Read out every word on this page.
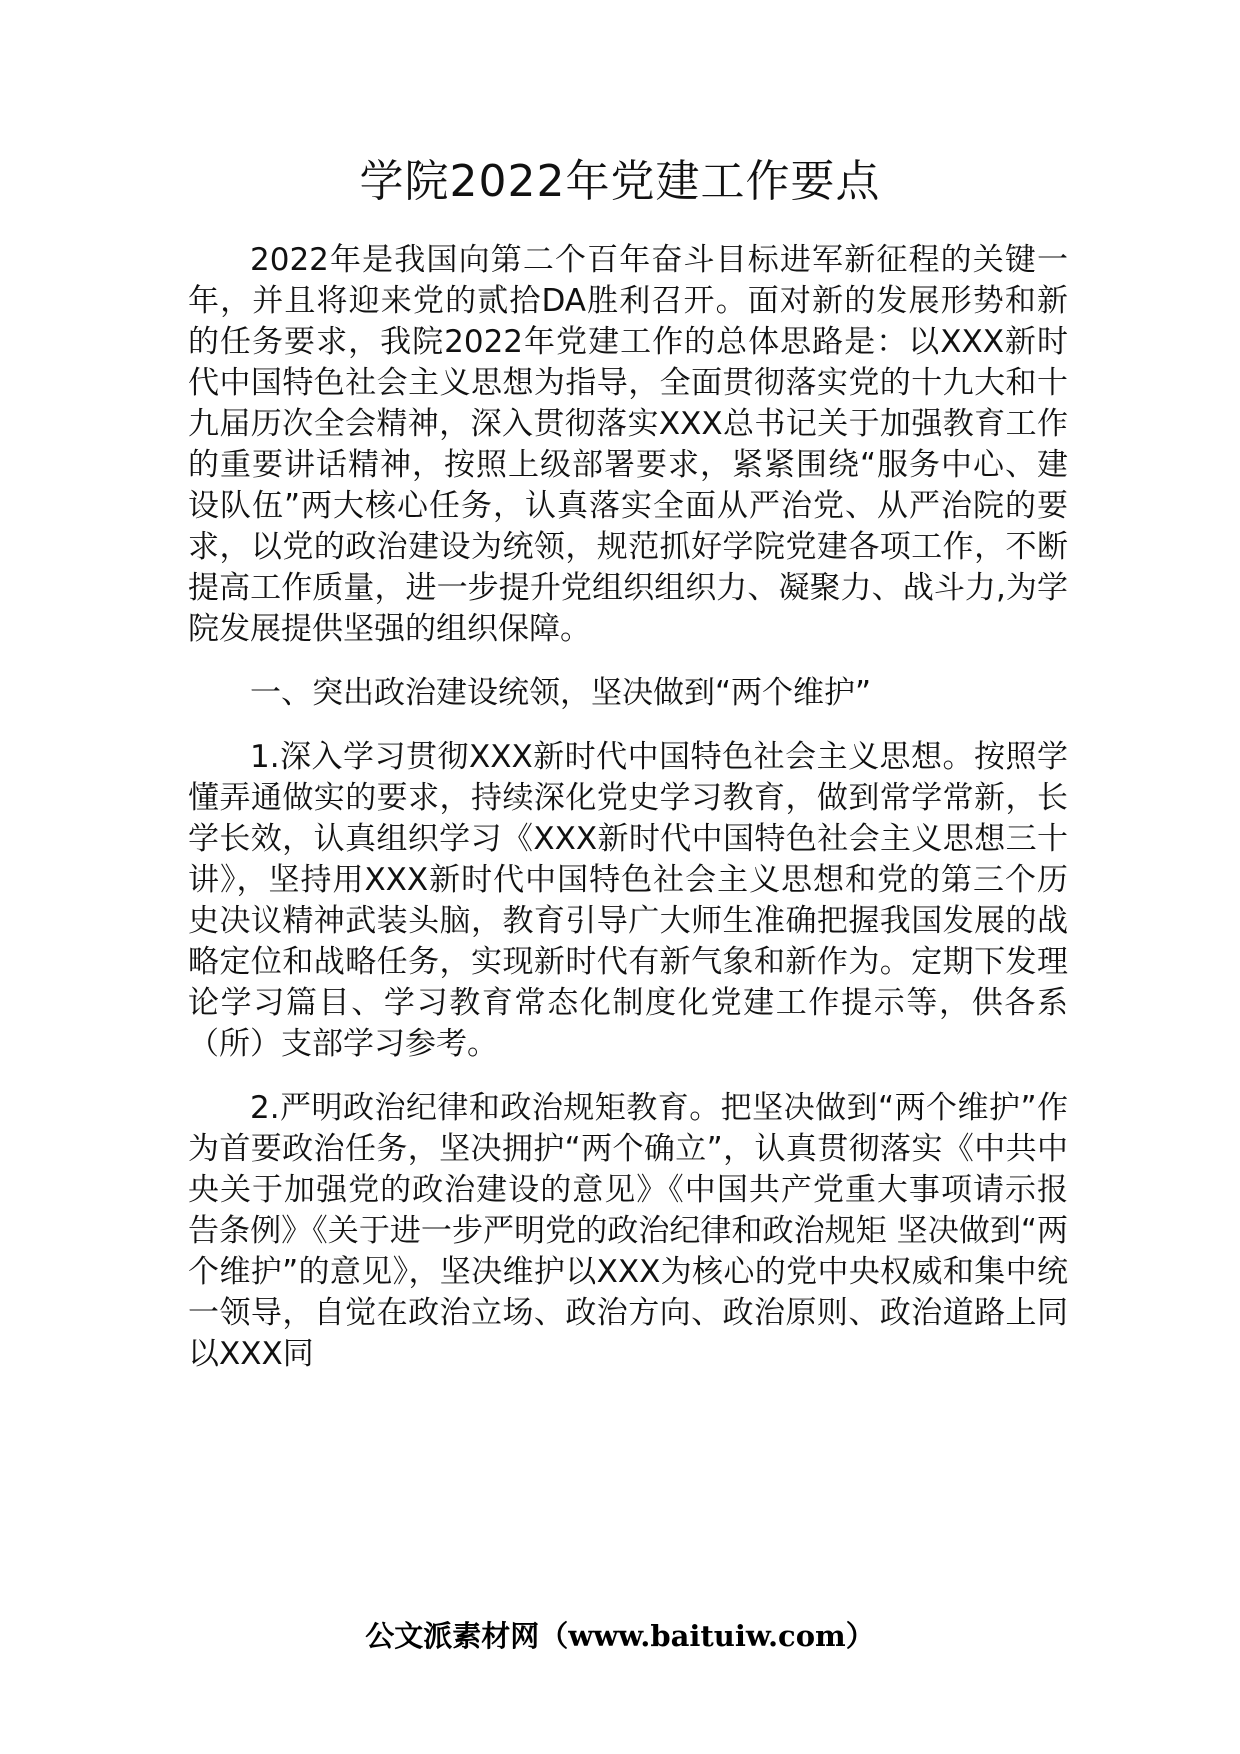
学院2022年党建工作要点

2022年是我国向第二个百年奋斗目标进军新征程的关键一年，并且将迎来党的贰拾DA胜利召开。面对新的发展形势和新的任务要求，我院2022年党建工作的总体思路是：以XXX新时代中国特色社会主义思想为指导，全面贯彻落实党的十九大和十九届历次全会精神，深入贯彻落实XXX总书记关于加强教育工作的重要讲话精神，按照上级部署要求，紧紧围绕“服务中心、建设队伍”两大核心任务，认真落实全面从严治党、从严治院的要求，以党的政治建设为统领，规范抓好学院党建各项工作，不断提高工作质量，进一步提升党组织组织力、凝聚力、战斗力,为学院发展提供坚强的组织保障。

一、突出政治建设统领，坚决做到“两个维护”

1.深入学习贯彻XXX新时代中国特色社会主义思想。按照学懂弄通做实的要求，持续深化党史学习教育，做到常学常新，长学长效，认真组织学习《XXX新时代中国特色社会主义思想三十讲》，坚持用XXX新时代中国特色社会主义思想和党的第三个历史决议精神武装头脑，教育引导广大师生准确把握我国发展的战略定位和战略任务，实现新时代有新气象和新作为。定期下发理论学习篇目、学习教育常态化制度化党建工作提示等，供各系（所）支部学习参考。

2.严明政治纪律和政治规矩教育。把坚决做到“两个维护”作为首要政治任务，坚决拥护“两个确立”，认真贯彻落实《中共中央关于加强党的政治建设的意见》《中国共产党重大事项请示报告条例》《关于进一步严明党的政治纪律和政治规矩 坚决做到“两个维护”的意见》，坚决维护以XXX为核心的党中央权威和集中统一领导，自觉在政治立场、政治方向、政治原则、政治道路上同以XXX同

公文派素材网（www.baituiw.com）
